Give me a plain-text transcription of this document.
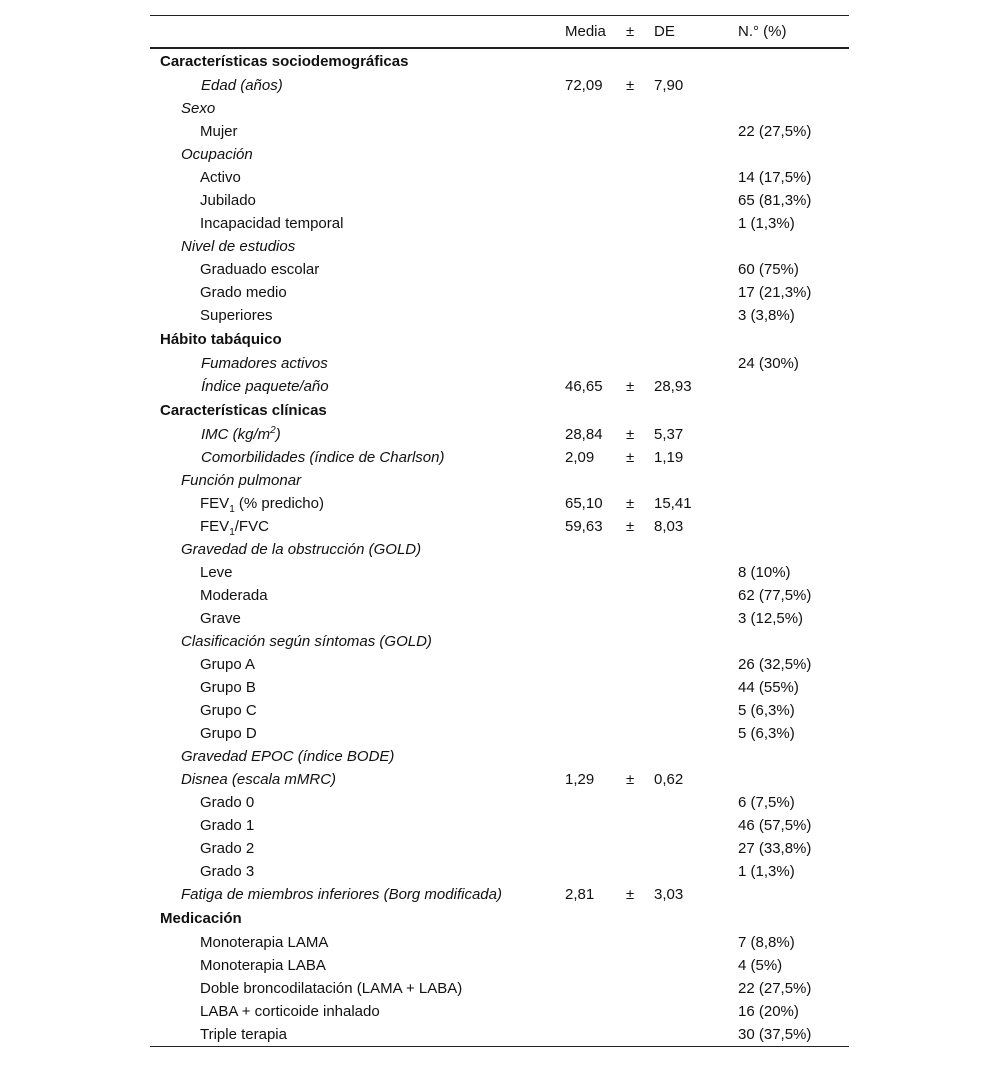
Media ± DE	N.° (%)
Características sociodemográficas
Edad (años)	72,09 ± 7,90
Sexo
Mujer	22 (27,5%)
Ocupación
Activo	14 (17,5%)
Jubilado	65 (81,3%)
Incapacidad temporal	1 (1,3%)
Nivel de estudios
Graduado escolar	60 (75%)
Grado medio	17 (21,3%)
Superiores	3 (3,8%)
Hábito tabáquico
Fumadores activos	24 (30%)
Índice paquete/año	46,65 ± 28,93
Características clínicas
IMC $(kg/m^2)$	28,84 ± 5,37
Comorbilidades (índice de Charlson)	2,09 ± 1,19
Función pulmonar
$FEV_1$ (% predicho)	65,10 ± 15,41
$FEV_1$/FVC	59,63 ± 8,03
Gravedad de la obstrucción (GOLD)
Leve	8 (10%)
Moderada	62 (77,5%)
Grave	3 (12,5%)
Clasificación según síntomas (GOLD)
Grupo A	26 (32,5%)
Grupo B	44 (55%)
Grupo C	5 (6,3%)
Grupo D	5 (6,3%)
Gravedad EPOC (índice BODE)
Disnea (escala mMRC)	1,29 ± 0,62
Grado 0	6 (7,5%)
Grado 1	46 (57,5%)
Grado 2	27 (33,8%)
Grado 3	1 (1,3%)
Fatiga de miembros inferiores (Borg modificada)	2,81 ± 3,03
Medicación
Monoterapia LAMA	7 (8,8%)
Monoterapia LABA	4 (5%)
Doble broncodilatación (LAMA + LABA)	22 (27,5%)
LABA + corticoide inhalado	16 (20%)
Triple terapia	30 (37,5%)
